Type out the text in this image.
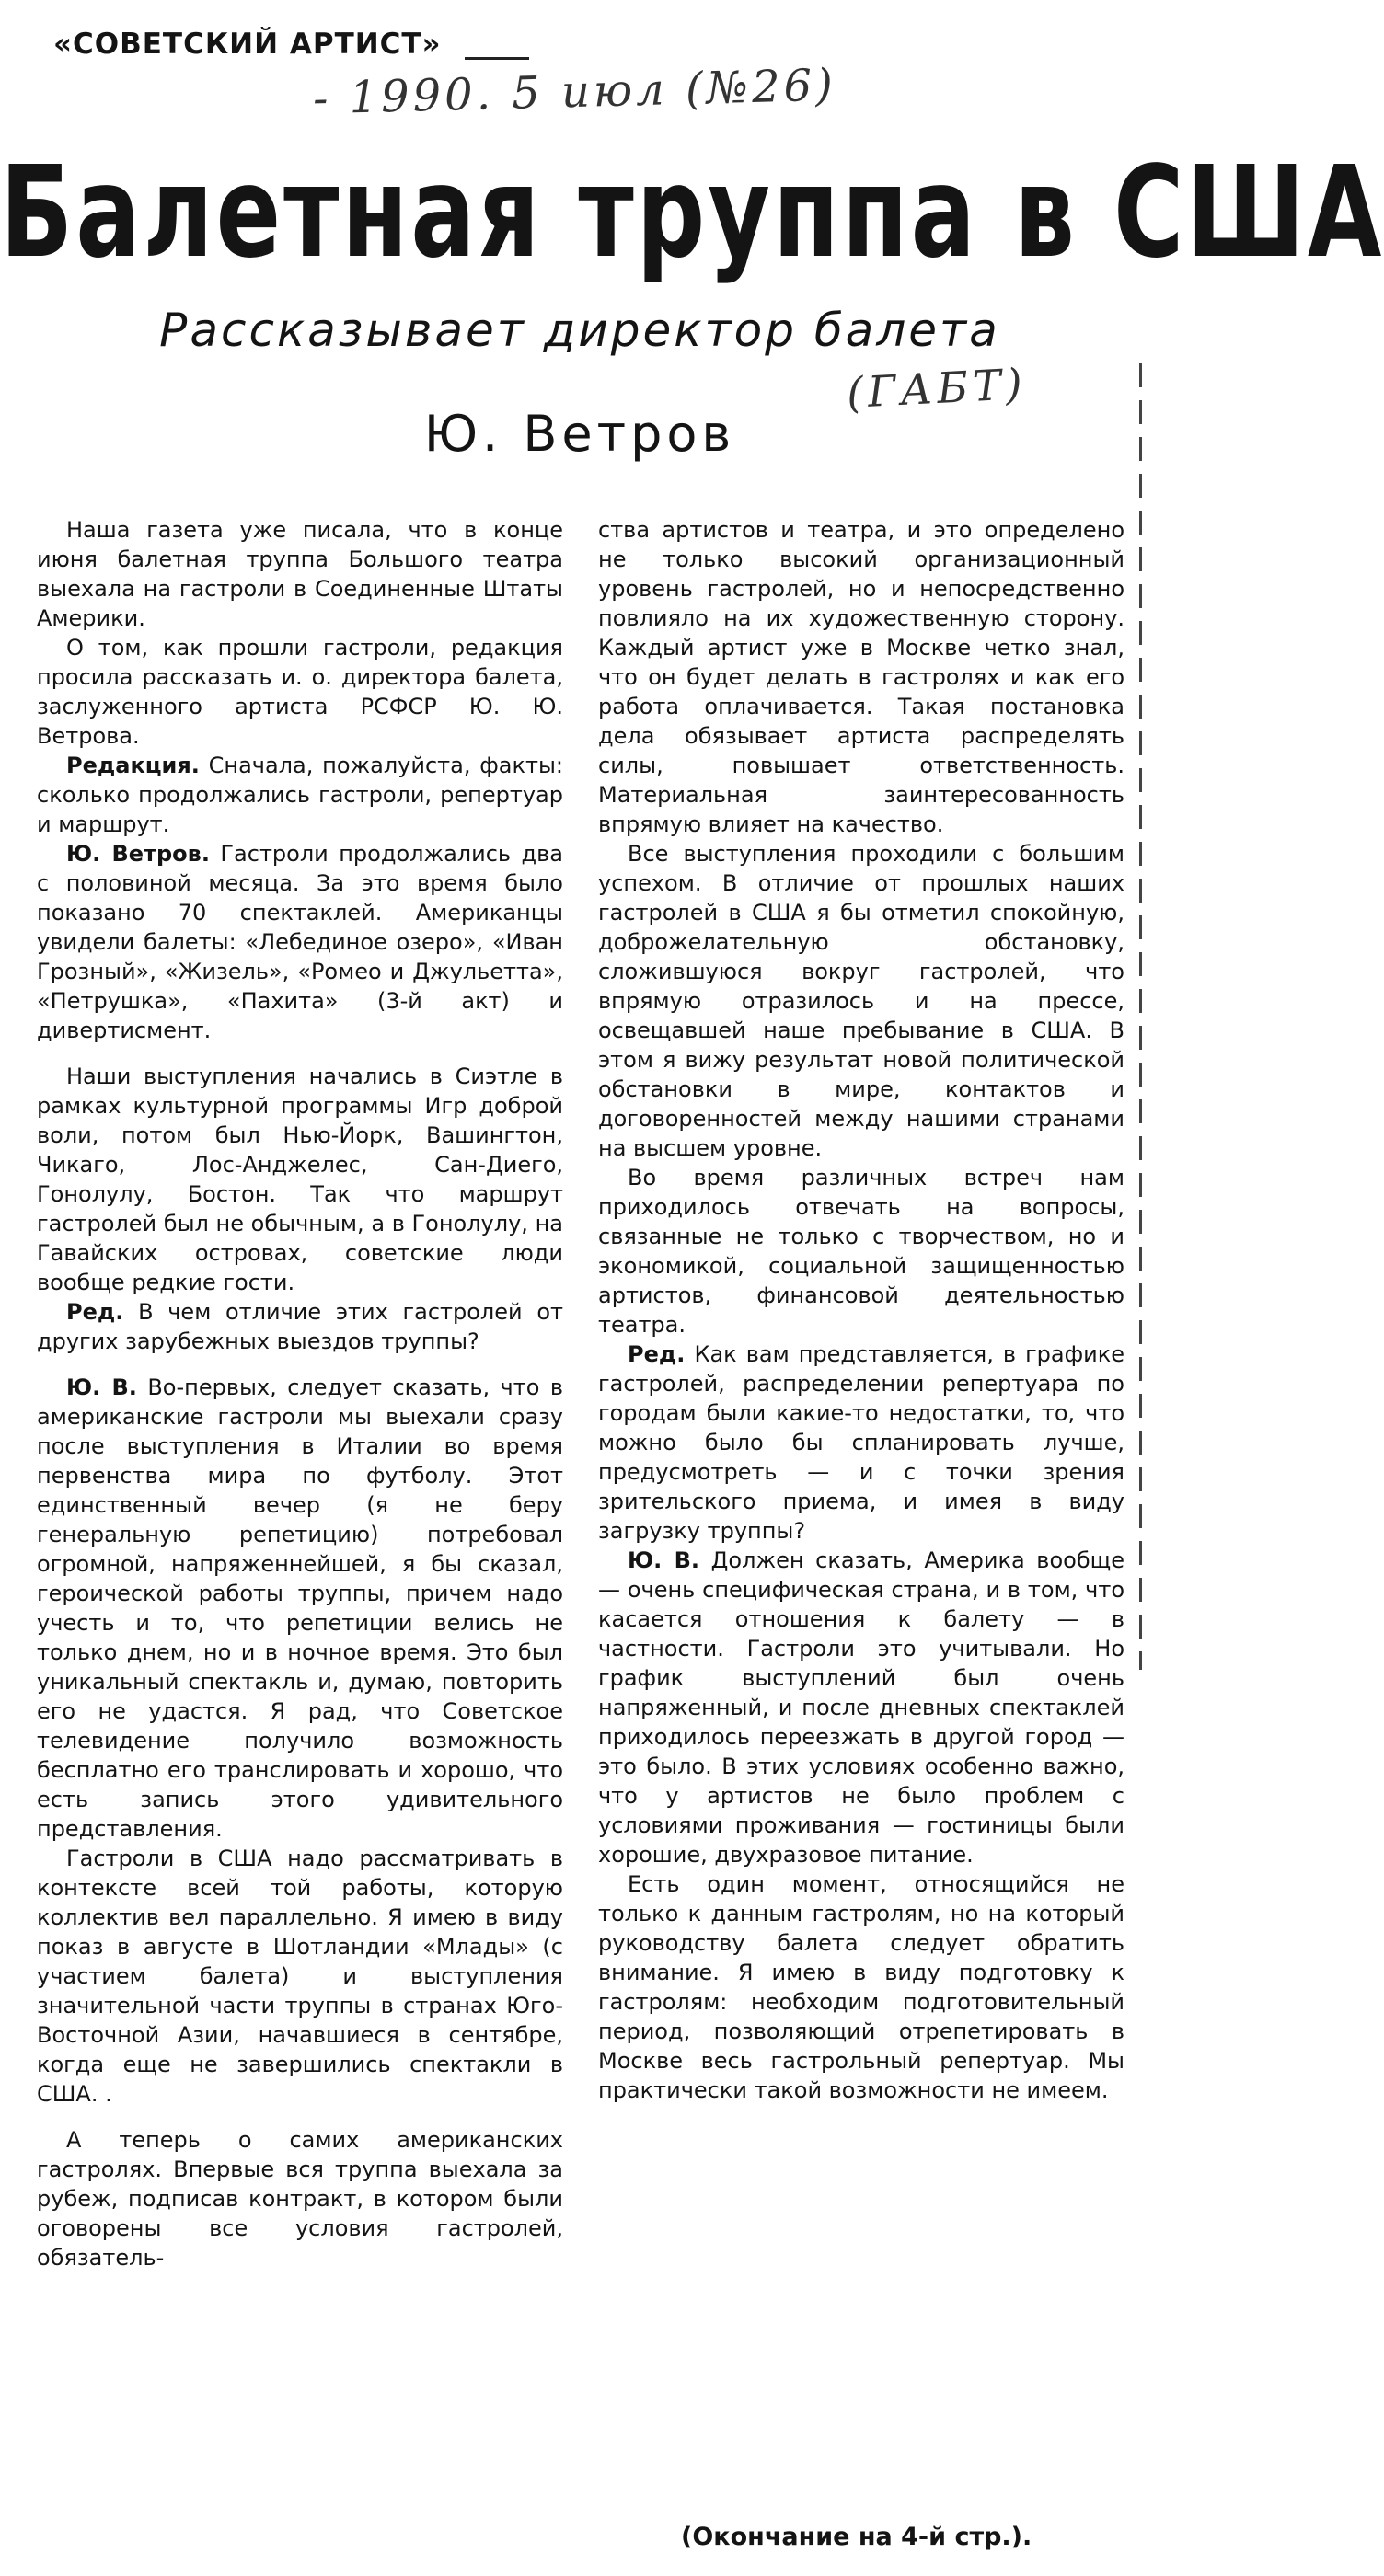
«СОВЕТСКИЙ АРТИСТ»
- 1990. 5 июл (№26)
Балетная труппа в США
Рассказывает директор балета
Ю. Ветров
(ГАБТ)

Наша газета уже писала, что в конце июня балетная труппа Большого театра выехала на гастроли в Соединенные Штаты Америки.

О том, как прошли гастроли, редакция просила рассказать и. о. директора балета, заслуженного артиста РСФСР Ю. Ю. Ветрова.

Редакция. Сначала, пожалуйста, факты: сколько продолжались гастроли, репертуар и маршрут.

Ю. Ветров. Гастроли продолжались два с половиной месяца. За это время было показано 70 спектаклей. Американцы увидели балеты: «Лебединое озеро», «Иван Грозный», «Жизель», «Ромео и Джульетта», «Петрушка», «Пахита» (3-й акт) и дивертисмент.

Наши выступления начались в Сиэтле в рамках культурной программы Игр доброй воли, потом был Нью-Йорк, Вашингтон, Чикаго, Лос-Анджелес, Сан-Диего, Гонолулу, Бостон. Так что маршрут гастролей был не обычным, а в Гонолулу, на Гавайских островах, советские люди вообще редкие гости.

Ред. В чем отличие этих гастролей от других зарубежных выездов труппы?

Ю. В. Во-первых, следует сказать, что в американские гастроли мы выехали сразу после выступления в Италии во время первенства мира по футболу. Этот единственный вечер (я не беру генеральную репетицию) потребовал огромной, напряженнейшей, я бы сказал, героической работы труппы, причем надо учесть и то, что репетиции велись не только днем, но и в ночное время. Это был уникальный спектакль и, думаю, повторить его не удастся. Я рад, что Советское телевидение получило возможность бесплатно его транслировать и хорошо, что есть запись этого удивительного представления.

Гастроли в США надо рассматривать в контексте всей той работы, которую коллектив вел параллельно. Я имею в виду показ в августе в Шотландии «Млады» (с участием балета) и выступления значительной части труппы в странах Юго-Восточной Азии, начавшиеся в сентябре, когда еще не завершились спектакли в США. .

А теперь о самих американских гастролях. Впервые вся труппа выехала за рубеж, подписав контракт, в котором были оговорены все условия гастролей, обязатель-

ства артистов и театра, и это определено не только высокий организационный уровень гастролей, но и непосредственно повлияло на их художественную сторону. Каждый артист уже в Москве четко знал, что он будет делать в гастролях и как его работа оплачивается. Такая постановка дела обязывает артиста распределять силы, повышает ответственность. Материальная заинтересованность впрямую влияет на качество.

Все выступления проходили с большим успехом. В отличие от прошлых наших гастролей в США я бы отметил спокойную, доброжелательную обстановку, сложившуюся вокруг гастролей, что впрямую отразилось и на прессе, освещавшей наше пребывание в США. В этом я вижу результат новой политической обстановки в мире, контактов и договоренностей между нашими странами на высшем уровне.

Во время различных встреч нам приходилось отвечать на вопросы, связанные не только с творчеством, но и экономикой, социальной защищенностью артистов, финансовой деятельностью театра.

Ред. Как вам представляется, в графике гастролей, распределении репертуара по городам были какие-то недостатки, то, что можно было бы спланировать лучше, предусмотреть — и с точки зрения зрительского приема, и имея в виду загрузку труппы?

Ю. В. Должен сказать, Америка вообще — очень специфическая страна, и в том, что касается отношения к балету — в частности. Гастроли это учитывали. Но график выступлений был очень напряженный, и после дневных спектаклей приходилось переезжать в другой город — это было. В этих условиях особенно важно, что у артистов не было проблем с условиями проживания — гостиницы были хорошие, двухразовое питание.

Есть один момент, относящийся не только к данным гастролям, но на который руководству балета следует обратить внимание. Я имею в виду подготовку к гастролям: необходим подготовительный период, позволяющий отрепетировать в Москве весь гастрольный репертуар. Мы практически такой возможности не имеем.

(Окончание на 4-й стр.).
